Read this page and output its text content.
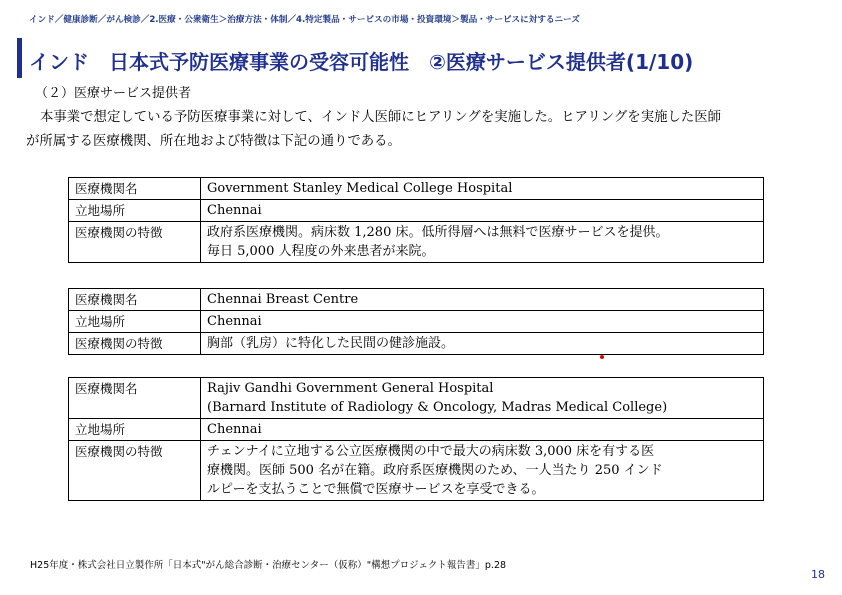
インド／健康診断／がん検診／2.医療・公衆衛生＞治療方法・体制／4.特定製品・サービスの市場・投資環境＞製品・サービスに対するニーズ
インド　日本式予防医療事業の受容可能性　②医療サービス提供者(1/10)
（２）医療サービス提供者
本事業で想定している予防医療事業に対して、インド人医師にヒアリングを実施した。ヒアリングを実施した医師
が所属する医療機関、所在地および特徴は下記の通りである。
医療機関名	Government Stanley Medical College Hospital

立地場所	Chennai
医療機関の特徴	政府系医療機関。病床数 1,280 床。低所得層へは無料で医療サービスを提供。
毎日 5,000 人程度の外来患者が来院。
医療機関名	Chennai Breast Centre

立地場所	Chennai
医療機関の特徴	胸部（乳房）に特化した民間の健診施設。
医療機関名	Rajiv Gandhi Government General Hospital
(Barnard Institute of Radiology & Oncology, Madras Medical College)

立地場所	Chennai
医療機関の特徴	チェンナイに立地する公立医療機関の中で最大の病床数 3,000 床を有する医
療機関。医師 500 名が在籍。政府系医療機関のため、一人当たり 250 インド
ルピーを支払うことで無償で医療サービスを享受できる。
H25年度・株式会社日立製作所「日本式"がん総合診断・治療センター（仮称）"構想プロジェクト報告書」p.28
18
